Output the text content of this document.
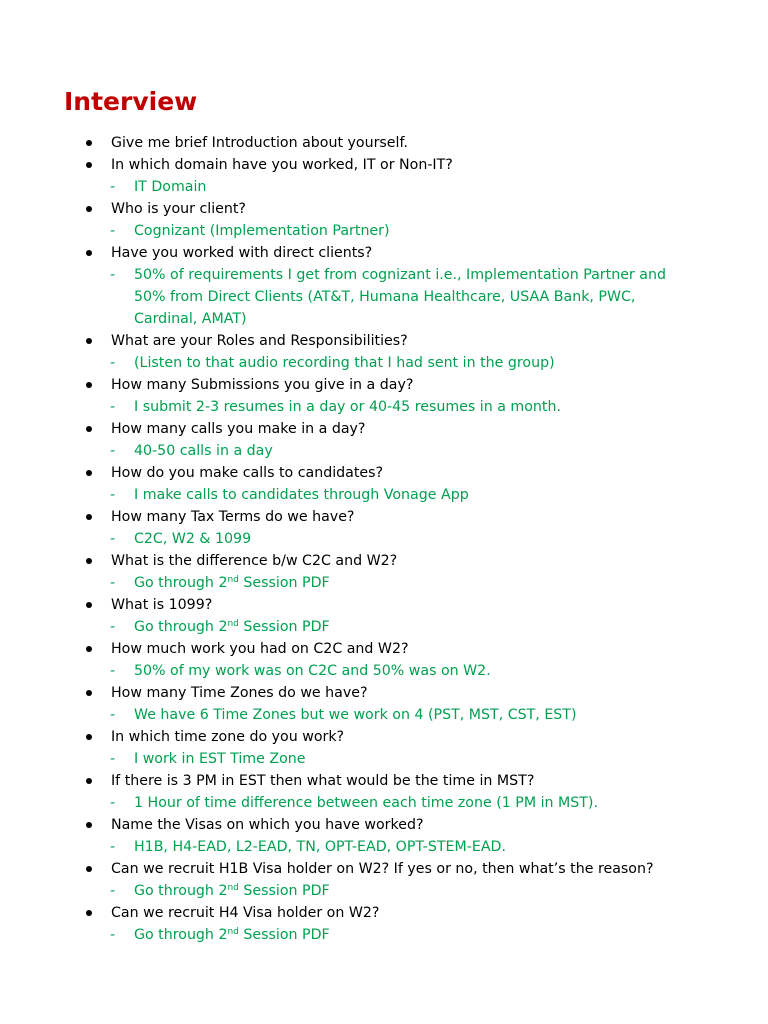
Interview
Give me brief Introduction about yourself.
In which domain have you worked, IT or Non-IT?
- IT Domain
Who is your client?
- Cognizant (Implementation Partner)
Have you worked with direct clients?
- 50% of requirements I get from cognizant i.e., Implementation Partner and
50% from Direct Clients (AT&T, Humana Healthcare, USAA Bank, PWC,
Cardinal, AMAT)
What are your Roles and Responsibilities?
- (Listen to that audio recording that I had sent in the group)
How many Submissions you give in a day?
- I submit 2-3 resumes in a day or 40-45 resumes in a month.
How many calls you make in a day?
- 40-50 calls in a day
How do you make calls to candidates?
- I make calls to candidates through Vonage App
How many Tax Terms do we have?
- C2C, W2 & 1099
What is the difference b/w C2C and W2?
- Go through 2nd Session PDF
What is 1099?
- Go through 2nd Session PDF
How much work you had on C2C and W2?
- 50% of my work was on C2C and 50% was on W2.
How many Time Zones do we have?
- We have 6 Time Zones but we work on 4 (PST, MST, CST, EST)
In which time zone do you work?
- I work in EST Time Zone
If there is 3 PM in EST then what would be the time in MST?
- 1 Hour of time difference between each time zone (1 PM in MST).
Name the Visas on which you have worked?
- H1B, H4-EAD, L2-EAD, TN, OPT-EAD, OPT-STEM-EAD.
Can we recruit H1B Visa holder on W2? If yes or no, then what’s the reason?
- Go through 2nd Session PDF
Can we recruit H4 Visa holder on W2?
- Go through 2nd Session PDF
